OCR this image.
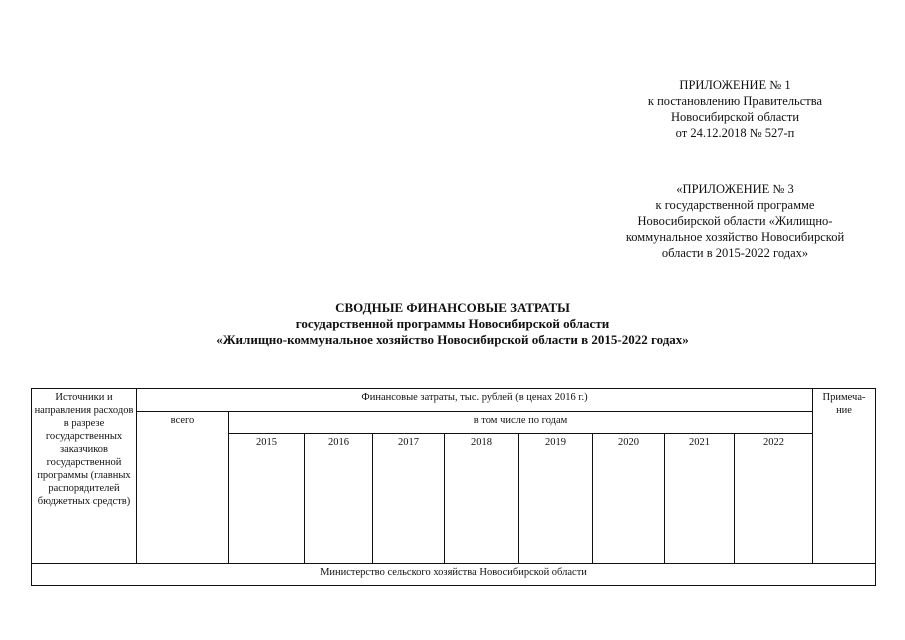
ПРИЛОЖЕНИЕ № 1
к постановлению Правительства
Новосибирской области
от 24.12.2018 № 527-п
«ПРИЛОЖЕНИЕ № 3
к государственной программе
Новосибирской области «Жилищно-
коммунальное хозяйство Новосибирской
области в 2015-2022 годах»
СВОДНЫЕ ФИНАНСОВЫЕ ЗАТРАТЫ
государственной программы Новосибирской области
«Жилищно-коммунальное хозяйство Новосибирской области в 2015-2022 годах»
Источники и направления расходов в разрезе государственных заказчиков государственной программы (главных распорядителей бюджетных средств)	Финансовые затраты, тыс. рублей (в ценах 2016 г.)									Примеча-ние
	всего	в том числе по годам								
		2015	2016	2017	2018	2019	2020	2021	2022	
Министерство сельского хозяйства Новосибирской области										
